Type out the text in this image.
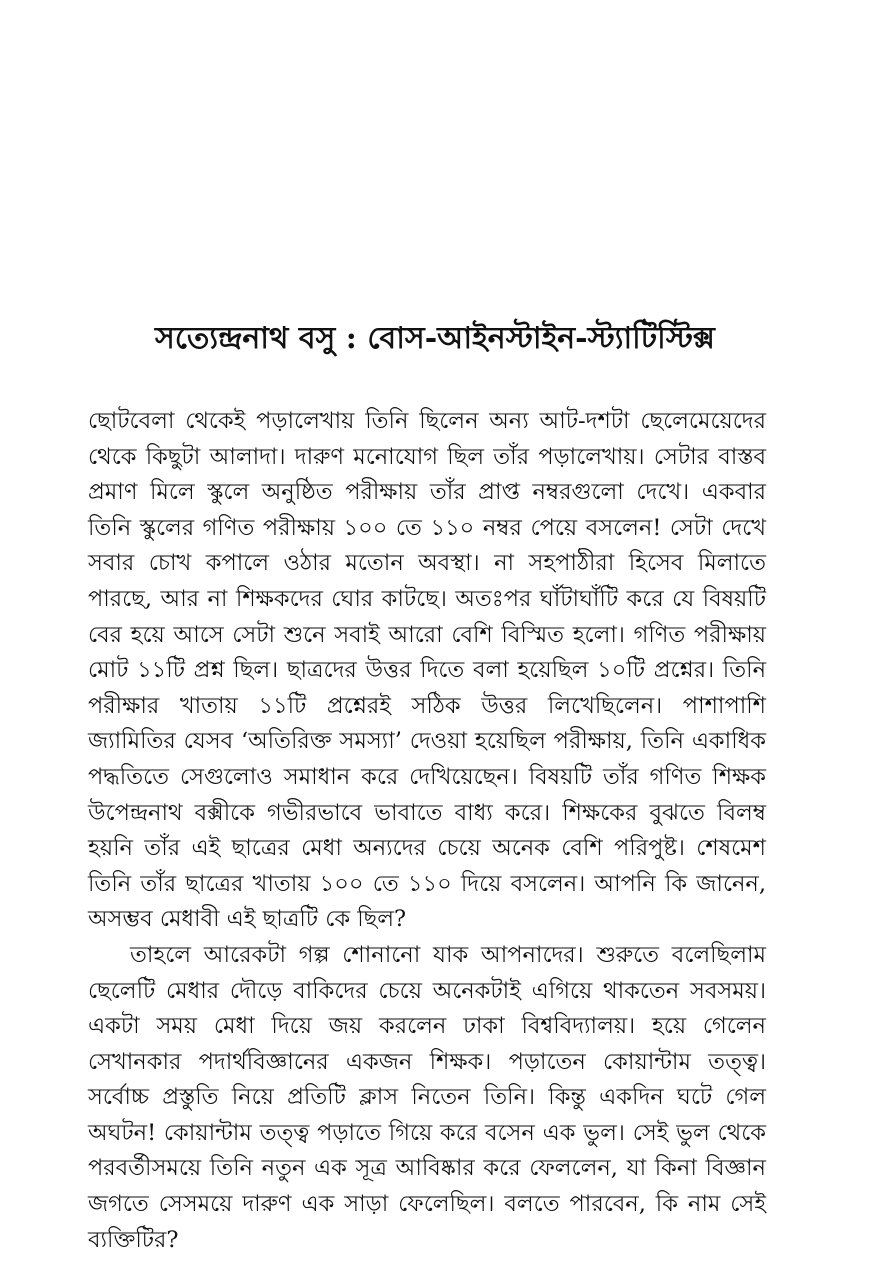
সত্যেন্দ্রনাথ বসু : বোস-আইনস্টাইন-স্ট্যাটিস্টিক্স

ছোটবেলা থেকেই পড়ালেখায় তিনি ছিলেন অন্য আট-দশটা ছেলেমেয়েদের থেকে কিছুটা আলাদা। দারুণ মনোযোগ ছিল তাঁর পড়ালেখায়। সেটার বাস্তব প্রমাণ মিলে স্কুলে অনুষ্ঠিত পরীক্ষায় তাঁর প্রাপ্ত নম্বরগুলো দেখে। একবার তিনি স্কুলের গণিত পরীক্ষায় ১০০ তে ১১০ নম্বর পেয়ে বসলেন! সেটা দেখে সবার চোখ কপালে ওঠার মতোন অবস্থা। না সহপাঠীরা হিসেব মিলাতে পারছে, আর না শিক্ষকদের ঘোর কাটছে। অতঃপর ঘাঁটাঘাঁটি করে যে বিষয়টি বের হয়ে আসে সেটা শুনে সবাই আরো বেশি বিস্মিত হলো। গণিত পরীক্ষায় মোট ১১টি প্রশ্ন ছিল। ছাত্রদের উত্তর দিতে বলা হয়েছিল ১০টি প্রশ্নের। তিনি পরীক্ষার খাতায় ১১টি প্রশ্নেরই সঠিক উত্তর লিখেছিলেন। পাশাপাশি জ্যামিতির যেসব ‘অতিরিক্ত সমস্যা’ দেওয়া হয়েছিল পরীক্ষায়, তিনি একাধিক পদ্ধতিতে সেগুলোও সমাধান করে দেখিয়েছেন। বিষয়টি তাঁর গণিত শিক্ষক উপেন্দ্রনাথ বক্সীকে গভীরভাবে ভাবাতে বাধ্য করে। শিক্ষকের বুঝতে বিলম্ব হয়নি তাঁর এই ছাত্রের মেধা অন্যদের চেয়ে অনেক বেশি পরিপুষ্ট। শেষমেশ তিনি তাঁর ছাত্রের খাতায় ১০০ তে ১১০ দিয়ে বসলেন। আপনি কি জানেন, অসম্ভব মেধাবী এই ছাত্রটি কে ছিল?

তাহলে আরেকটা গল্প শোনানো যাক আপনাদের। শুরুতে বলেছিলাম ছেলেটি মেধার দৌড়ে বাকিদের চেয়ে অনেকটাই এগিয়ে থাকতেন সবসময়। একটা সময় মেধা দিয়ে জয় করলেন ঢাকা বিশ্ববিদ্যালয়। হয়ে গেলেন সেখানকার পদার্থবিজ্ঞানের একজন শিক্ষক। পড়াতেন কোয়ান্টাম তত্ত্ব। সর্বোচ্চ প্রস্তুতি নিয়ে প্রতিটি ক্লাস নিতেন তিনি। কিন্তু একদিন ঘটে গেল অঘটন! কোয়ান্টাম তত্ত্ব পড়াতে গিয়ে করে বসেন এক ভুল। সেই ভুল থেকে পরবর্তীসময়ে তিনি নতুন এক সূত্র আবিষ্কার করে ফেললেন, যা কিনা বিজ্ঞান জগতে সেসময়ে দারুণ এক সাড়া ফেলেছিল। বলতে পারবেন, কি নাম সেই ব্যক্তিটির?
